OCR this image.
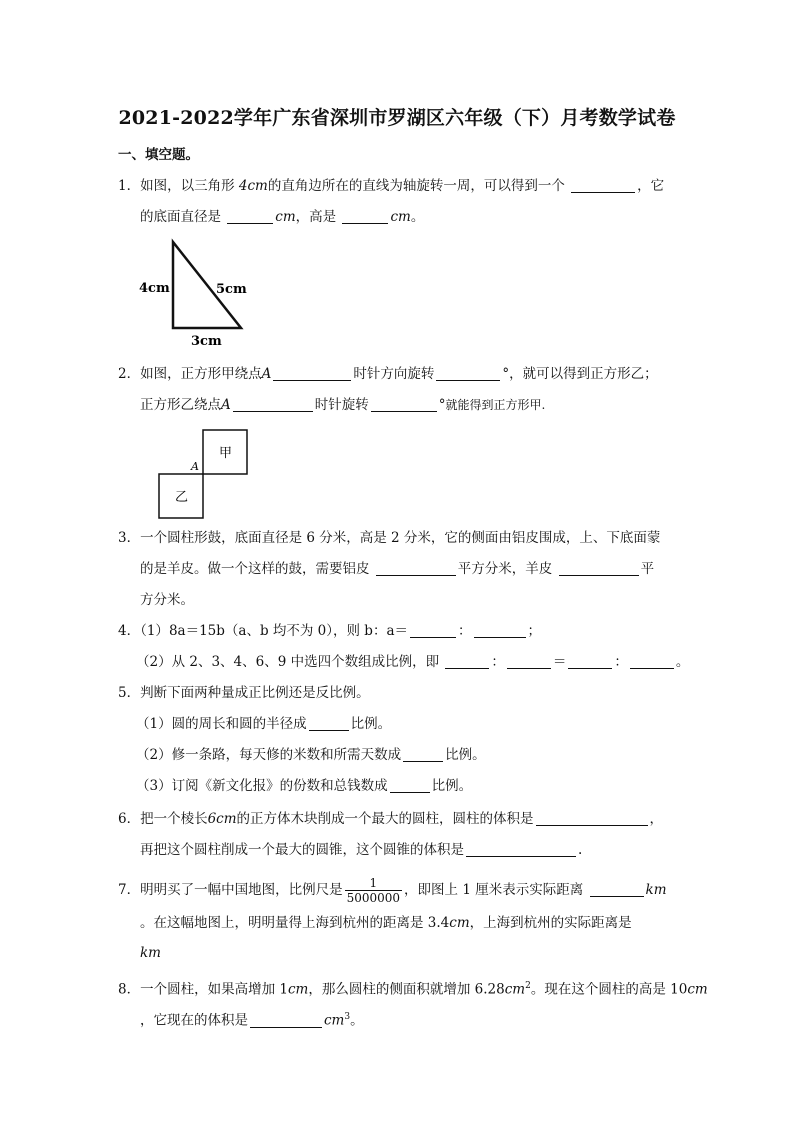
2021-2022学年广东省深圳市罗湖区六年级（下）月考数学试卷
一、填空题。
1．如图，以三角形 4cm的直角边所在的直线为轴旋转一周，可以得到一个	，它
的底面直径是	cm，高是	cm。
4cm	5cm
3cm
2．如图，正方形甲绕点A	时针方向旋转	°，就可以得到正方形乙；
正方形乙绕点A	时针旋转	°就能得到正方形甲.
甲
乙
A
3．一个圆柱形鼓，底面直径是 6 分米，高是 2 分米，它的侧面由铝皮围成，上、下底面蒙
的是羊皮。做一个这样的鼓，需要铝皮	平方分米，羊皮	平
方分米。
4．（1）8a＝15b（a、b 均不为 0），则 b：a＝	：	；
（2）从 2、3、4、6、9 中选四个数组成比例，即	：	＝	：	。
5．判断下面两种量成正比例还是反比例。
（1）圆的周长和圆的半径成	比例。
（2）修一条路，每天修的米数和所需天数成	比例。
（3）订阅《新文化报》的份数和总钱数成	比例。
6．把一个棱长6cm的正方体木块削成一个最大的圆柱，圆柱的体积是	，
再把这个圆柱削成一个最大的圆锥，这个圆锥的体积是	.
7．明明买了一幅中国地图，比例尺是 $\frac{1}{5000000}$ ，即图上 1 厘米表示实际距离	km
。在这幅地图上，明明量得上海到杭州的距离是 3.4cm，上海到杭州的实际距离是
km
8．一个圆柱，如果高增加 1cm，那么圆柱的侧面积就增加 $6.28cm^2$。现在这个圆柱的高是 10cm
，它现在的体积是	$cm^3$。
